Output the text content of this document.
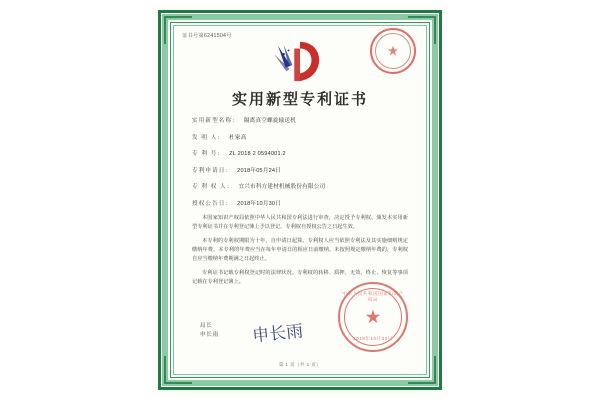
证书号第6241504号
实用新型专利证书
实用新型名称： 隔离真空螺旋输送机
发 明 人： 杜家高
专 利 号： ZL 2018 2 0594001.2
专利申请日： 2018年05月24日
专 利 权 人： 宜兴市科方建材机械股份有限公司
授权公告日： 2018年10月30日

本国家知识产权局依照中华人民共和国专利法进行审查，决定授予专利权，颁发本实用新型专利证书并在专利登记簿上予以登记。专利权自授权公告之日起生效。

本专利的专利权期限为十年，自申请日起算。专利权人应当依照专利法及其实施细则规定缴纳年费。本专利的年费应当在每年申请日的相应日前缴纳。未按照规定缴纳年费的，专利权自应当缴纳年费期满之日起终止。

专利证书记载专利权登记时的法律状况。专利权的转移、质押、无效、终止、恢复等事项记载在专利登记簿上。

局长
申长雨 申长雨
中华人民共和国国家知识产权局
2018年10月30日
第 1 页（共 1 页）
